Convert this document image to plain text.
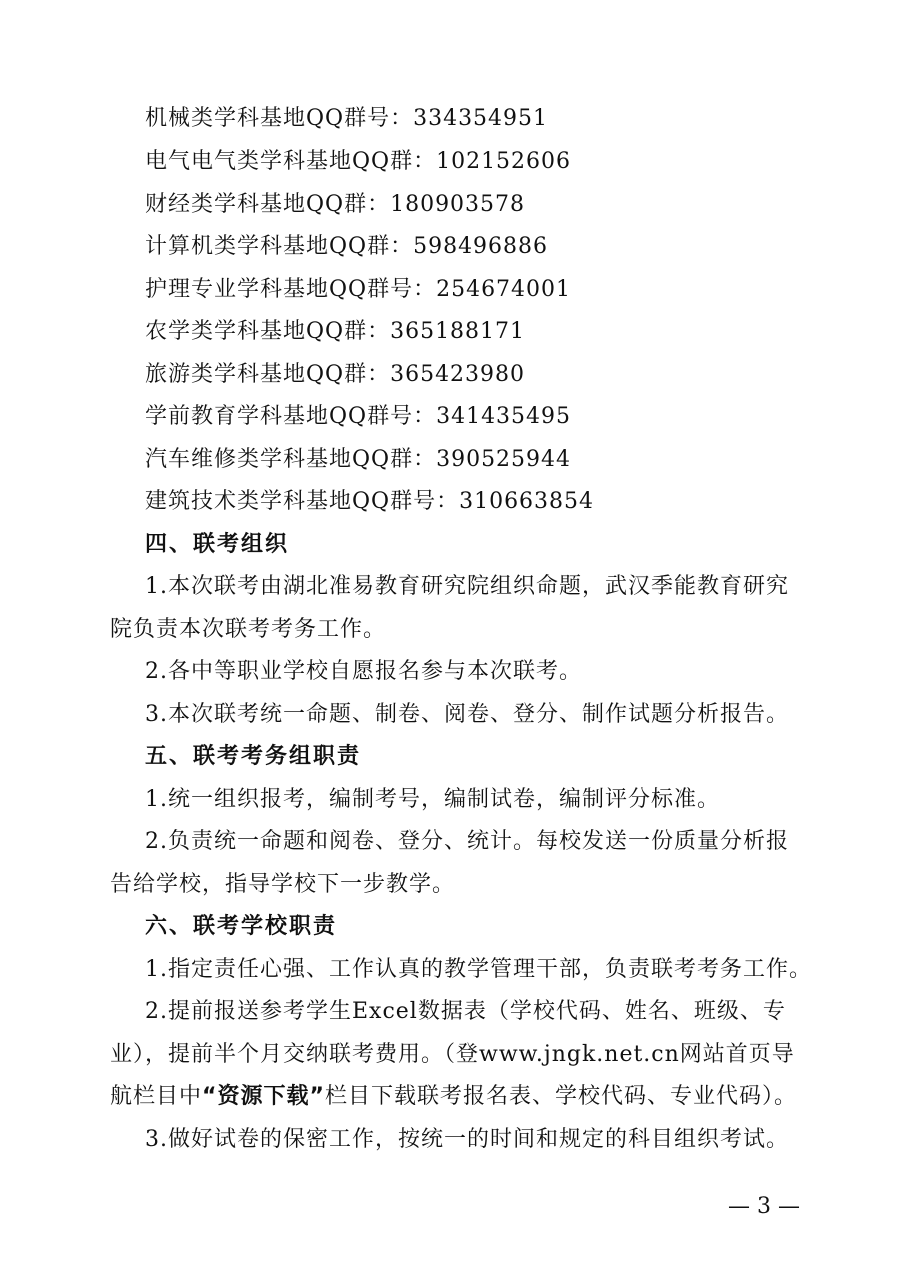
机械类学科基地QQ群号：334354951
电气电气类学科基地QQ群：102152606
财经类学科基地QQ群：180903578
计算机类学科基地QQ群：598496886
护理专业学科基地QQ群号：254674001
农学类学科基地QQ群：365188171
旅游类学科基地QQ群：365423980
学前教育学科基地QQ群号：341435495
汽车维修类学科基地QQ群：390525944
建筑技术类学科基地QQ群号：310663854
四、联考组织
1.本次联考由湖北准易教育研究院组织命题，武汉季能教育研究
院负责本次联考考务工作。
2.各中等职业学校自愿报名参与本次联考。
3.本次联考统一命题、制卷、阅卷、登分、制作试题分析报告。
五、联考考务组职责
1.统一组织报考，编制考号，编制试卷，编制评分标准。
2.负责统一命题和阅卷、登分、统计。每校发送一份质量分析报
告给学校，指导学校下一步教学。
六、联考学校职责
1.指定责任心强、工作认真的教学管理干部，负责联考考务工作。
2.提前报送参考学生Excel数据表（学校代码、姓名、班级、专
业），提前半个月交纳联考费用。（登www.jngk.net.cn网站首页导
航栏目中“资源下载”栏目下载联考报名表、学校代码、专业代码）。
3.做好试卷的保密工作，按统一的时间和规定的科目组织考试。
— 3 —
